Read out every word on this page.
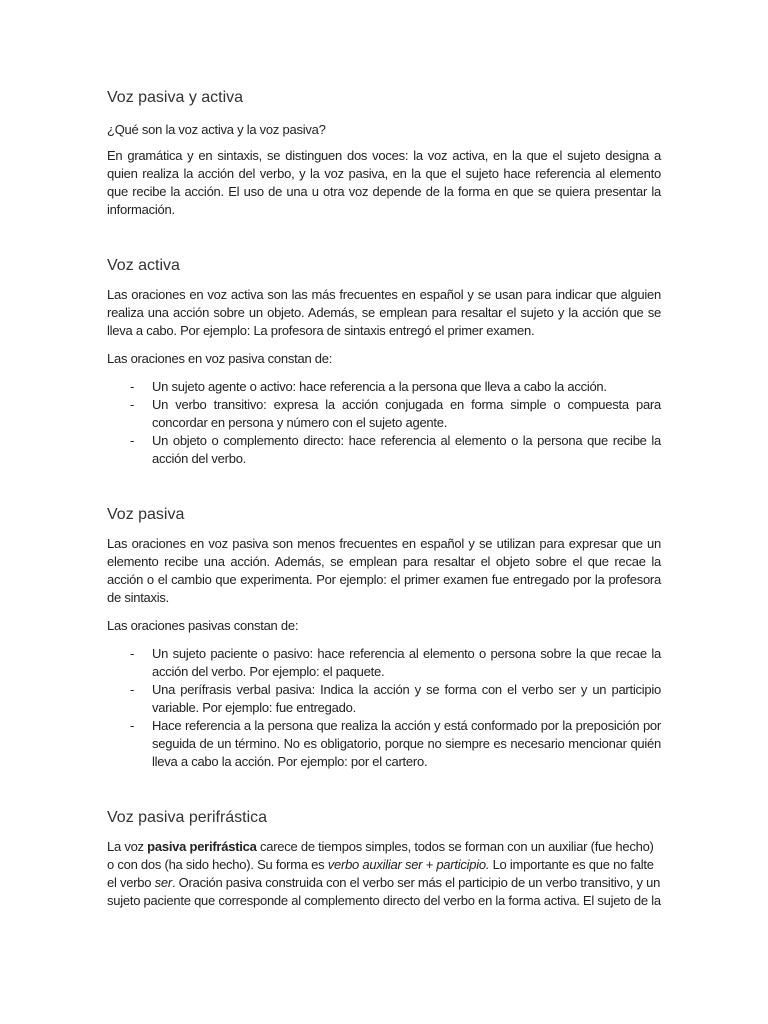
Voz pasiva y activa

¿Qué son la voz activa y la voz pasiva?

En gramática y en sintaxis, se distinguen dos voces: la voz activa, en la que el sujeto designa a quien realiza la acción del verbo, y la voz pasiva, en la que el sujeto hace referencia al elemento que recibe la acción. El uso de una u otra voz depende de la forma en que se quiera presentar la información.

Voz activa

Las oraciones en voz activa son las más frecuentes en español y se usan para indicar que alguien realiza una acción sobre un objeto. Además, se emplean para resaltar el sujeto y la acción que se lleva a cabo. Por ejemplo: La profesora de sintaxis entregó el primer examen.

Las oraciones en voz pasiva constan de:

- Un sujeto agente o activo: hace referencia a la persona que lleva a cabo la acción.
- Un verbo transitivo: expresa la acción conjugada en forma simple o compuesta para concordar en persona y número con el sujeto agente.
- Un objeto o complemento directo: hace referencia al elemento o la persona que recibe la acción del verbo.
Voz pasiva

Las oraciones en voz pasiva son menos frecuentes en español y se utilizan para expresar que un elemento recibe una acción. Además, se emplean para resaltar el objeto sobre el que recae la acción o el cambio que experimenta. Por ejemplo: el primer examen fue entregado por la profesora de sintaxis.

Las oraciones pasivas constan de:

- Un sujeto paciente o pasivo: hace referencia al elemento o persona sobre la que recae la acción del verbo. Por ejemplo: el paquete.
- Una perífrasis verbal pasiva: Indica la acción y se forma con el verbo ser y un participio variable. Por ejemplo: fue entregado.
- Hace referencia a la persona que realiza la acción y está conformado por la preposición por seguida de un término. No es obligatorio, porque no siempre es necesario mencionar quién lleva a cabo la acción. Por ejemplo: por el cartero.
Voz pasiva perifrástica

La voz pasiva perifrástica carece de tiempos simples, todos se forman con un auxiliar (fue hecho) o con dos (ha sido hecho). Su forma es verbo auxiliar ser + participio. Lo importante es que no falte el verbo ser. Oración pasiva construida con el verbo ser más el participio de un verbo transitivo, y un sujeto paciente que corresponde al complemento directo del verbo en la forma activa. El sujeto de la
